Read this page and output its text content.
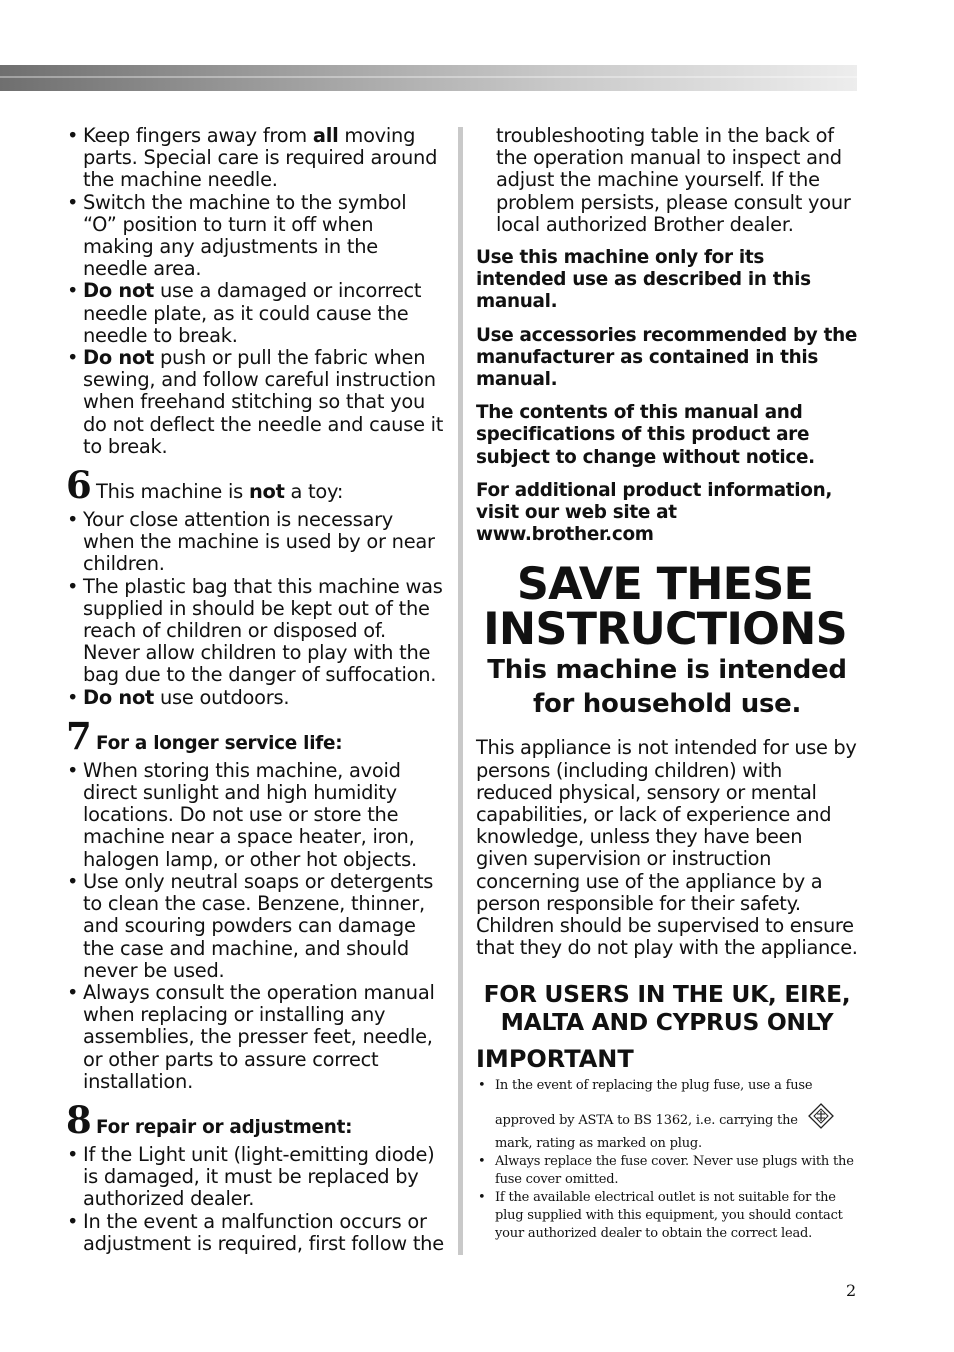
• Keep fingers away from all moving parts. Special care is required around the machine needle.
• Switch the machine to the symbol “O” position to turn it off when making any adjustments in the needle area.
• Do not use a damaged or incorrect needle plate, as it could cause the needle to break.
• Do not push or pull the fabric when sewing, and follow careful instruction when freehand stitching so that you do not deflect the needle and cause it to break.
6 This machine is not a toy:
• Your close attention is necessary when the machine is used by or near children.
• The plastic bag that this machine was supplied in should be kept out of the reach of children or disposed of. Never allow children to play with the bag due to the danger of suffocation.
• Do not use outdoors.
7 For a longer service life:
• When storing this machine, avoid direct sunlight and high humidity locations. Do not use or store the machine near a space heater, iron, halogen lamp, or other hot objects.
• Use only neutral soaps or detergents to clean the case. Benzene, thinner, and scouring powders can damage the case and machine, and should never be used.
• Always consult the operation manual when replacing or installing any assemblies, the presser feet, needle, or other parts to assure correct installation.
8 For repair or adjustment:
• If the Light unit (light-emitting diode) is damaged, it must be replaced by authorized dealer.
• In the event a malfunction occurs or adjustment is required, first follow the

troubleshooting table in the back of the operation manual to inspect and adjust the machine yourself. If the problem persists, please consult your local authorized Brother dealer.

Use this machine only for its intended use as described in this manual.

Use accessories recommended by the manufacturer as contained in this manual.

The contents of this manual and specifications of this product are subject to change without notice.

For additional product information, visit our web site at www.brother.com

SAVE THESE
INSTRUCTIONS
This machine is intended
for household use.

This appliance is not intended for use by persons (including children) with reduced physical, sensory or mental capabilities, or lack of experience and knowledge, unless they have been given supervision or instruction concerning use of the appliance by a person responsible for their safety.

Children should be supervised to ensure that they do not play with the appliance.

FOR USERS IN THE UK, EIRE,
MALTA AND CYPRUS ONLY
IMPORTANT
• In the event of replacing the plug fuse, use a fuse
approved by ASTA to BS 1362, i.e. carrying the
mark, rating as marked on plug.
• Always replace the fuse cover. Never use plugs with the fuse cover omitted.
• If the available electrical outlet is not suitable for the plug supplied with this equipment, you should contact your authorized dealer to obtain the correct lead.
2
